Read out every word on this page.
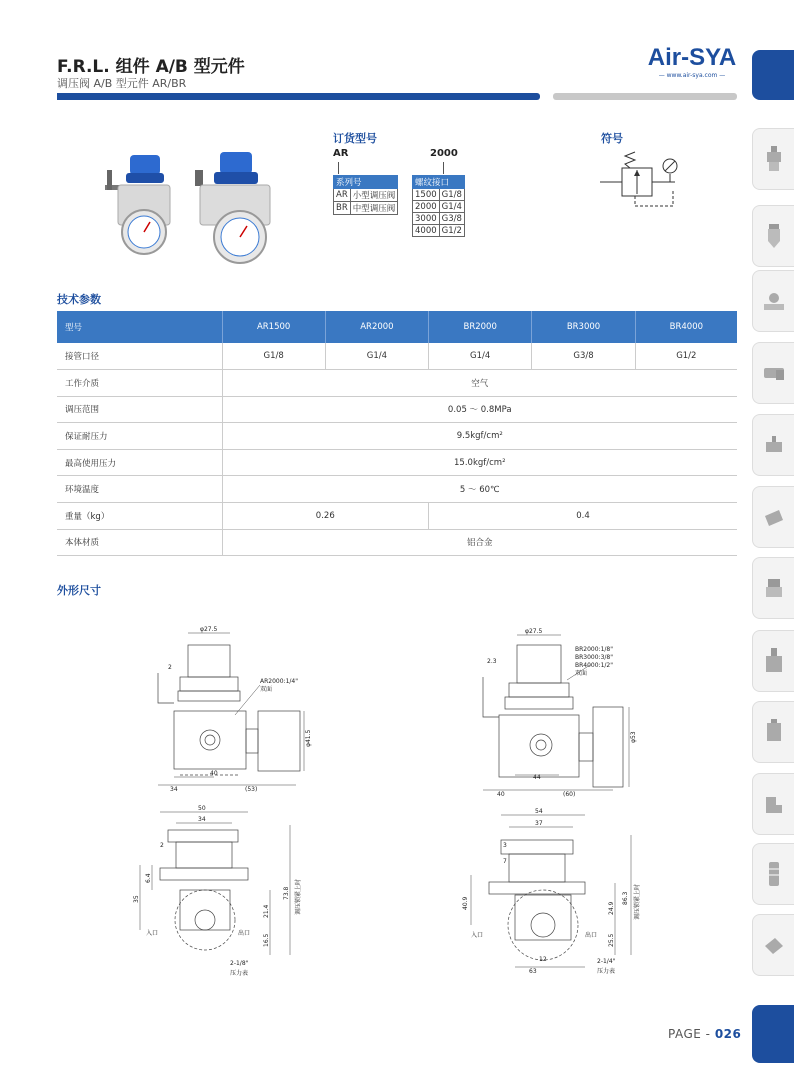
F.R.L. 组件 A/B 型元件
调压阀 A/B 型元件 AR/BR
Air-SYA
— www.air-sya.com —
订货型号
AR	2000
系列号	
AR	小型调压阀
BR	中型调压阀
螺纹接口	
1500	G1/8
2000	G1/4
3000	G3/8
4000	G1/2
符号
技术参数
型号	AR1500	AR2000	BR2000	BR3000	BR4000
接管口径	G1/8	G1/4	G1/4	G3/8	G1/2
工作介质	空气				
调压范围	0.05 ～ 0.8MPa				
保证耐压力	9.5kgf/cm²				
最高使用压力	15.0kgf/cm²				
环境温度	5 ～ 60℃				
重量（kg）	0.26		0.4		
本体材质	铝合金				
外形尺寸
φ27.5
2
AR2000:1/4"
双面
φ41.5
40
34	(53)
50
34
2
6.4
35	73.8 调压锁紧上时
21.4
16.5
入口	出口
2-1/8"
压力表
φ27.5
2.3
BR2000:1/8"
BR3000:3/8"
BR4000:1/2"
双面
φ53
44
40	(60)
54
37
3
7
40.9	24.9
86.3 调压锁紧上时
25.5
入口	出口
12
63
2-1/4"
压力表
PAGE - 026
